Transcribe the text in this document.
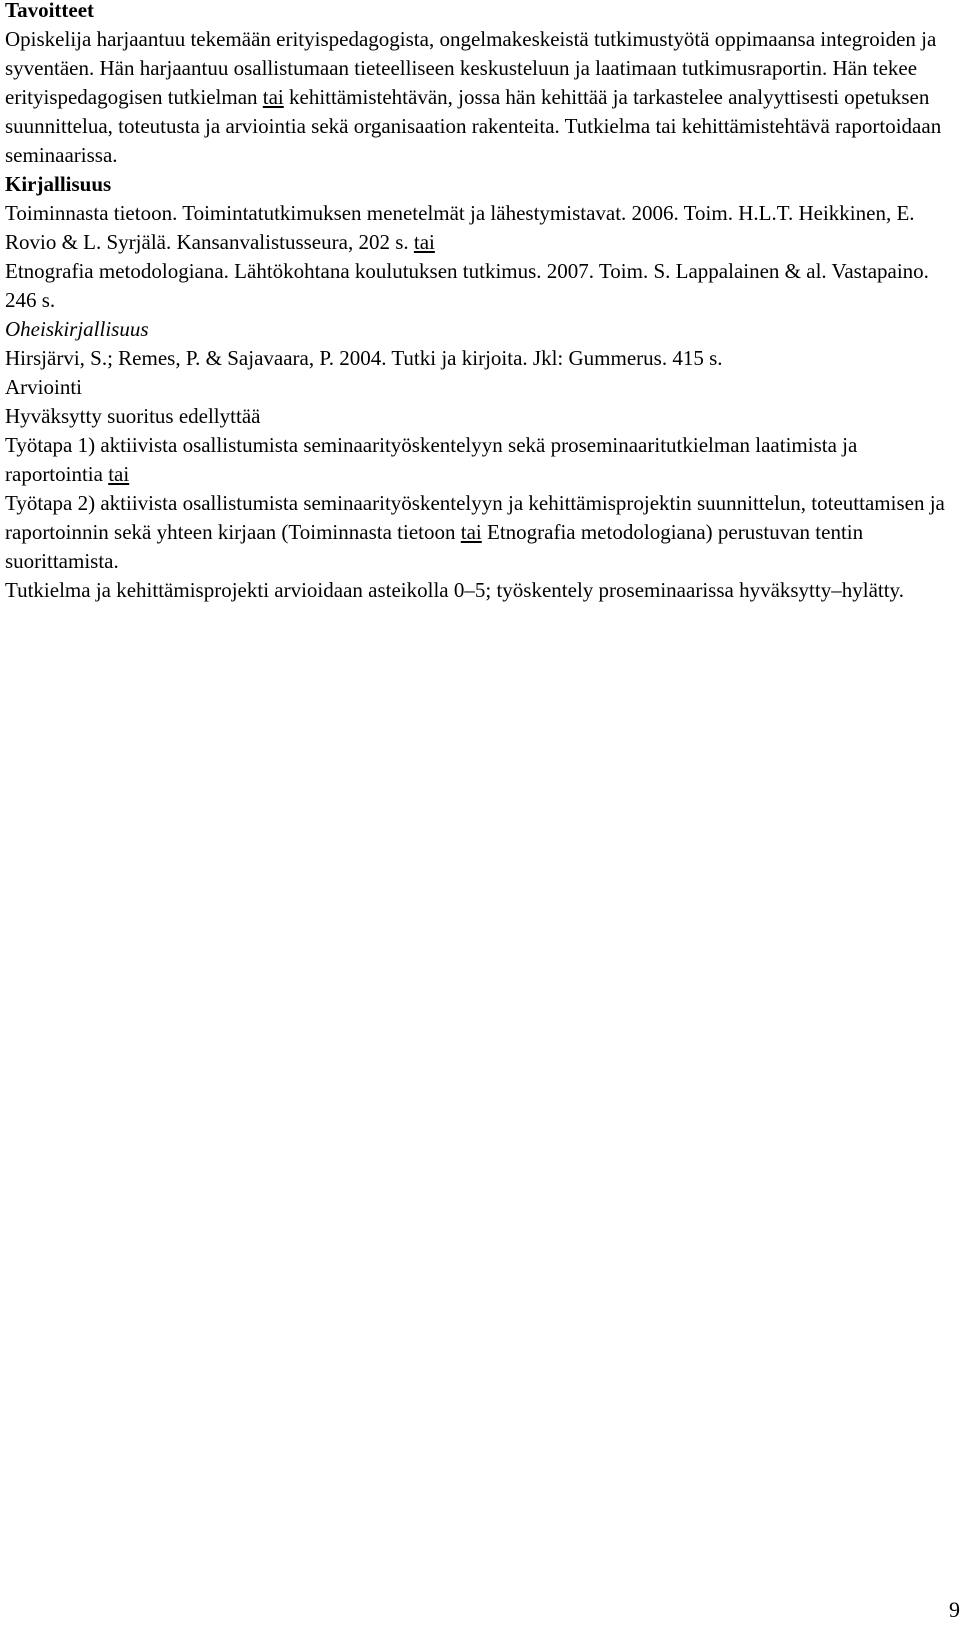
Tavoitteet

Opiskelija harjaantuu tekemään erityispedagogista, ongelmakeskeistä tutkimustyötä oppimaansa integroiden ja syventäen. Hän harjaantuu osallistumaan tieteelliseen keskusteluun ja laatimaan tutkimusraportin. Hän tekee erityispedagogisen tutkielman tai kehittämistehtävän, jossa hän kehittää ja tarkastelee analyyttisesti opetuksen suunnittelua, toteutusta ja arviointia sekä organisaation rakenteita. Tutkielma tai kehittämistehtävä raportoidaan seminaarissa.

Kirjallisuus

Toiminnasta tietoon. Toimintatutkimuksen menetelmät ja lähestymistavat. 2006. Toim. H.L.T. Heikkinen, E. Rovio & L. Syrjälä. Kansanvalistusseura, 202 s. tai

Etnografia metodologiana. Lähtökohtana koulutuksen tutkimus. 2007. Toim. S. Lappalainen & al. Vastapaino. 246 s.

Oheiskirjallisuus

Hirsjärvi, S.; Remes, P. & Sajavaara, P. 2004. Tutki ja kirjoita. Jkl: Gummerus. 415 s.

Arviointi

Hyväksytty suoritus edellyttää

Työtapa 1) aktiivista osallistumista seminaarityöskentelyyn sekä proseminaaritutkielman laatimista ja raportointia tai

Työtapa 2) aktiivista osallistumista seminaarityöskentelyyn ja kehittämisprojektin suunnittelun, toteuttamisen ja raportoinnin sekä yhteen kirjaan (Toiminnasta tietoon tai Etnografia metodologiana) perustuvan tentin suorittamista.

Tutkielma ja kehittämisprojekti arvioidaan asteikolla 0–5; työskentely proseminaarissa hyväksytty–hylätty.

9
